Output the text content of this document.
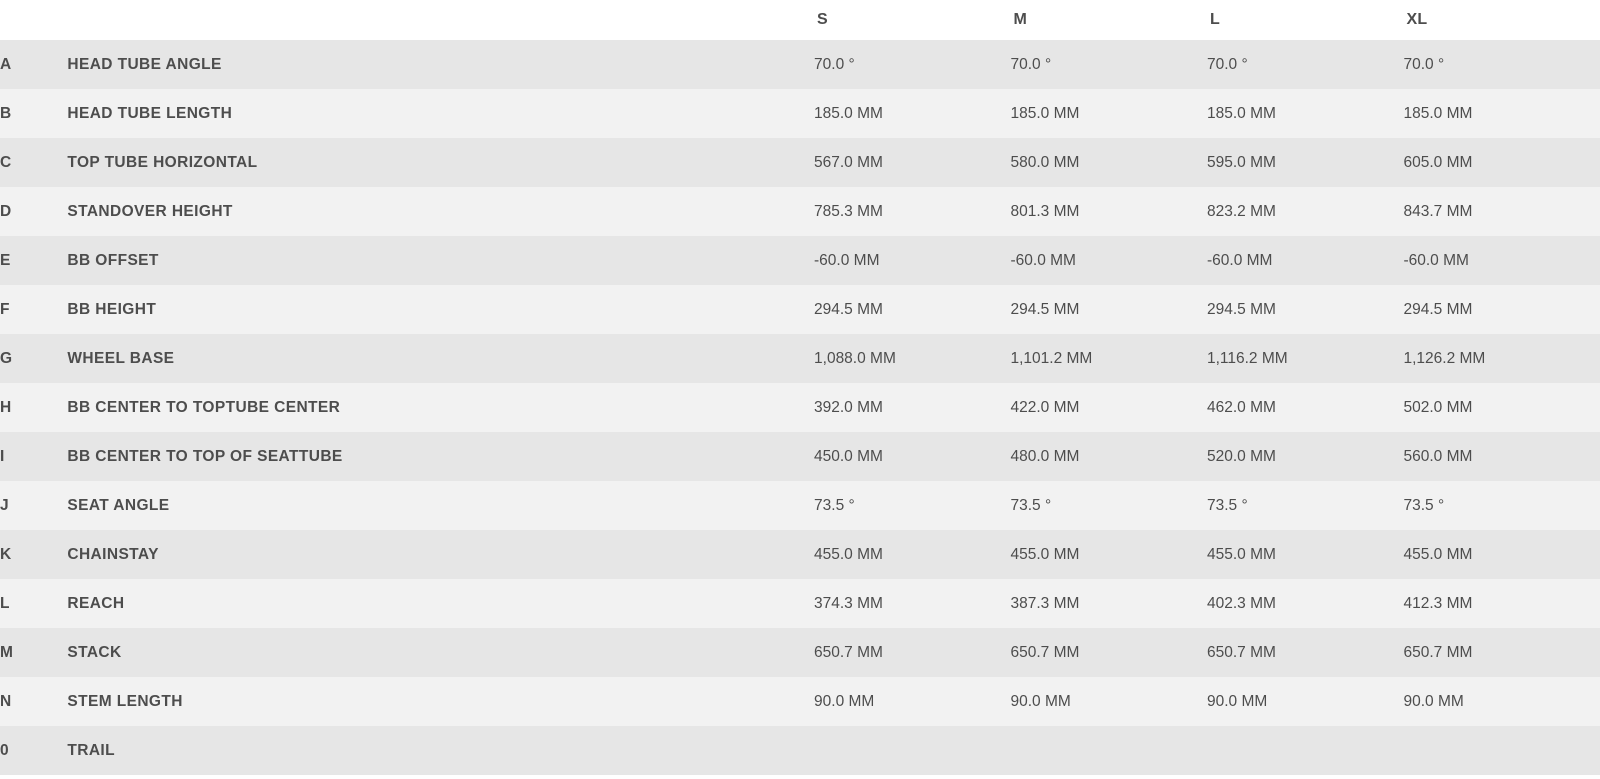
		S	M	L	XL
A	HEAD TUBE ANGLE	70.0 °	70.0 °	70.0 °	70.0 °
B	HEAD TUBE LENGTH	185.0 MM	185.0 MM	185.0 MM	185.0 MM
C	TOP TUBE HORIZONTAL	567.0 MM	580.0 MM	595.0 MM	605.0 MM
D	STANDOVER HEIGHT	785.3 MM	801.3 MM	823.2 MM	843.7 MM
E	BB OFFSET	-60.0 MM	-60.0 MM	-60.0 MM	-60.0 MM
F	BB HEIGHT	294.5 MM	294.5 MM	294.5 MM	294.5 MM
G	WHEEL BASE	1,088.0 MM	1,101.2 MM	1,116.2 MM	1,126.2 MM
H	BB CENTER TO TOPTUBE CENTER	392.0 MM	422.0 MM	462.0 MM	502.0 MM
I	BB CENTER TO TOP OF SEATTUBE	450.0 MM	480.0 MM	520.0 MM	560.0 MM
J	SEAT ANGLE	73.5 °	73.5 °	73.5 °	73.5 °
K	CHAINSTAY	455.0 MM	455.0 MM	455.0 MM	455.0 MM
L	REACH	374.3 MM	387.3 MM	402.3 MM	412.3 MM
M	STACK	650.7 MM	650.7 MM	650.7 MM	650.7 MM
N	STEM LENGTH	90.0 MM	90.0 MM	90.0 MM	90.0 MM
0	TRAIL				
